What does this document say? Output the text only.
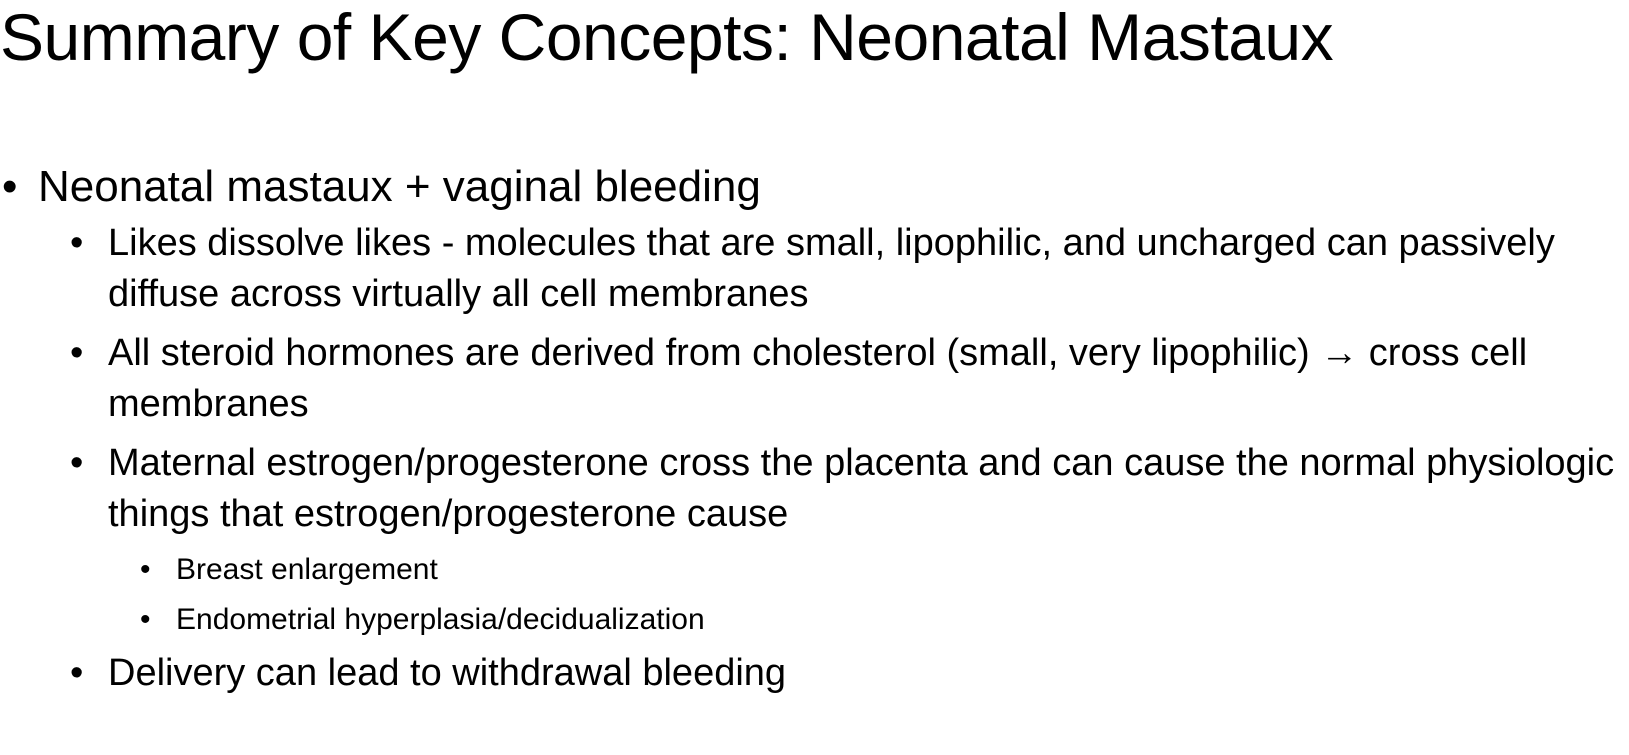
Summary of Key Concepts: Neonatal Mastaux
• Neonatal mastaux + vaginal bleeding
• Likes dissolve likes - molecules that are small, lipophilic, and uncharged can passively diffuse across virtually all cell membranes
• All steroid hormones are derived from cholesterol (small, very lipophilic) → cross cell membranes
• Maternal estrogen/progesterone cross the placenta and can cause the normal physiologic things that estrogen/progesterone cause
• Breast enlargement
• Endometrial hyperplasia/decidualization
• Delivery can lead to withdrawal bleeding
